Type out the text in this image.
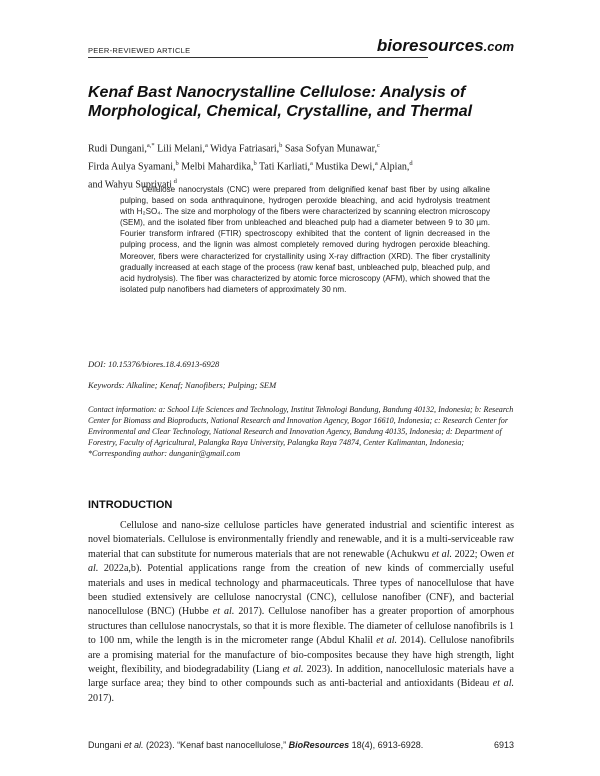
PEER-REVIEWED ARTICLE	bioresources.com
Kenaf Bast Nanocrystalline Cellulose: Analysis of Morphological, Chemical, Crystalline, and Thermal

Rudi Dungani,$^{a,*}$ Lili Melani,$^a$ Widya Fatriasari,$^b$ Sasa Sofyan Munawar,$^c$
Firda Aulya Syamani,$^b$ Melbi Mahardika,$^b$ Tati Karliati,$^a$ Mustika Dewi,$^a$ Alpian,$^d$
and Wahyu Supriyati $^d$

Cellulose nanocrystals (CNC) were prepared from delignified kenaf bast fiber by using alkaline pulping, based on soda anthraquinone, hydrogen peroxide bleaching, and acid hydrolysis treatment with H₂SO₄. The size and morphology of the fibers were characterized by scanning electron microscopy (SEM), and the isolated fiber from unbleached and bleached pulp had a diameter between 9 to 30 µm. Fourier transform infrared (FTIR) spectroscopy exhibited that the content of lignin decreased in the pulping process, and the lignin was almost completely removed during hydrogen peroxide bleaching. Moreover, fibers were characterized for crystallinity using X-ray diffraction (XRD). The fiber crystallinity gradually increased at each stage of the process (raw kenaf bast, unbleached pulp, bleached pulp, and acid hydrolysis). The fiber was characterized by atomic force microscopy (AFM), which showed that the isolated pulp nanofibers had diameters of approximately 30 nm.

DOI: 10.15376/biores.18.4.6913-6928

Keywords: Alkaline; Kenaf; Nanofibers; Pulping; SEM

Contact information: a: School Life Sciences and Technology, Institut Teknologi Bandung, Bandung 40132, Indonesia; b: Research Center for Biomass and Bioproducts, National Research and Innovation Agency, Bogor 16610, Indonesia; c: Research Center for Environmental and Clear Technology, National Research and Innovation Agency, Bandung 40135, Indonesia; d: Department of Forestry, Faculty of Agricultural, Palangka Raya University, Palangka Raya 74874, Center Kalimantan, Indonesia; *Corresponding author: dunganir@gmail.com

INTRODUCTION

Cellulose and nano-size cellulose particles have generated industrial and scientific interest as novel biomaterials. Cellulose is environmentally friendly and renewable, and it is a multi-serviceable raw material that can substitute for numerous materials that are not renewable (Achukwu et al. 2022; Owen et al. 2022a,b). Potential applications range from the creation of new kinds of commercially useful materials and uses in medical technology and pharmaceuticals. Three types of nanocellulose that have been studied extensively are cellulose nanocrystal (CNC), cellulose nanofiber (CNF), and bacterial nanocellulose (BNC) (Hubbe et al. 2017). Cellulose nanofiber has a greater proportion of amorphous structures than cellulose nanocrystals, so that it is more flexible. The diameter of cellulose nanofibrils is 1 to 100 nm, while the length is in the micrometer range (Abdul Khalil et al. 2014). Cellulose nanofibrils are a promising material for the manufacture of bio-composites because they have high strength, light weight, flexibility, and biodegradability (Liang et al. 2023). In addition, nanocellulosic materials have a large surface area; they bind to other compounds such as anti-bacterial and antioxidants (Bideau et al. 2017).

Dungani et al. (2023). “Kenaf bast nanocellulose,” BioResources 18(4), 6913-6928.	6913
